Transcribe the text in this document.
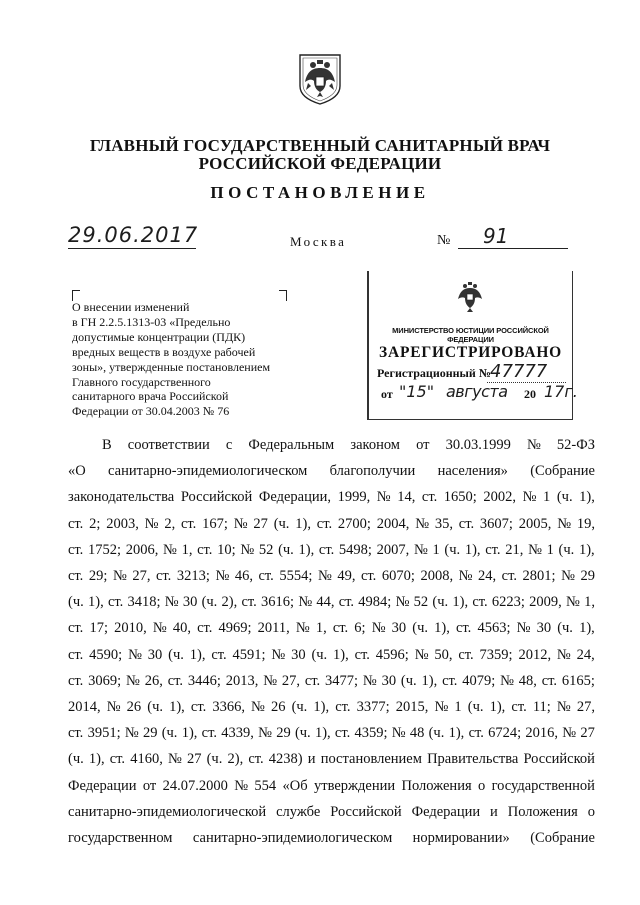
ГЛАВНЫЙ ГОСУДАРСТВЕННЫЙ САНИТАРНЫЙ ВРАЧ
РОССИЙСКОЙ ФЕДЕРАЦИИ
ПОСТАНОВЛЕНИЕ
29.06.2017	Москва	№ 91
О внесении изменений
в ГН 2.2.5.1313-03 «Предельно
допустимые концентрации (ПДК)
вредных веществ в воздухе рабочей
зоны», утвержденные постановлением
Главного государственного
санитарного врача Российской
Федерации от 30.04.2003 № 76
МИНИСТЕРСТВО ЮСТИЦИИ РОССИЙСКОЙ ФЕДЕРАЦИИ
ЗАРЕГИСТРИРОВАНО
Регистрационный № 47777
от "15" августа 20 17г.
В соответствии с Федеральным законом от 30.03.1999 № 52-ФЗ
«О санитарно-эпидемиологическом благополучии населения» (Собрание
законодательства Российской Федерации, 1999, № 14, ст. 1650; 2002, № 1 (ч. 1),
ст. 2; 2003, № 2, ст. 167; № 27 (ч. 1), ст. 2700; 2004, № 35, ст. 3607; 2005, № 19,
ст. 1752; 2006, № 1, ст. 10; № 52 (ч. 1), ст. 5498; 2007, № 1 (ч. 1), ст. 21, № 1 (ч. 1),
ст. 29; № 27, ст. 3213; № 46, ст. 5554; № 49, ст. 6070; 2008, № 24, ст. 2801; № 29
(ч. 1), ст. 3418; № 30 (ч. 2), ст. 3616; № 44, ст. 4984; № 52 (ч. 1), ст. 6223; 2009, № 1,
ст. 17; 2010, № 40, ст. 4969; 2011, № 1, ст. 6; № 30 (ч. 1), ст. 4563; № 30 (ч. 1),
ст. 4590; № 30 (ч. 1), ст. 4591; № 30 (ч. 1), ст. 4596; № 50, ст. 7359; 2012, № 24,
ст. 3069; № 26, ст. 3446; 2013, № 27, ст. 3477; № 30 (ч. 1), ст. 4079; № 48, ст. 6165;
2014, № 26 (ч. 1), ст. 3366, № 26 (ч. 1), ст. 3377; 2015, № 1 (ч. 1), ст. 11; № 27,
ст. 3951; № 29 (ч. 1), ст. 4339, № 29 (ч. 1), ст. 4359; № 48 (ч. 1), ст. 6724; 2016, № 27
(ч. 1), ст. 4160, № 27 (ч. 2), ст. 4238) и постановлением Правительства Российской
Федерации от 24.07.2000 № 554 «Об утверждении Положения о государственной
санитарно-эпидемиологической службе Российской Федерации и Положения о
государственном санитарно-эпидемиологическом нормировании» (Собрание
